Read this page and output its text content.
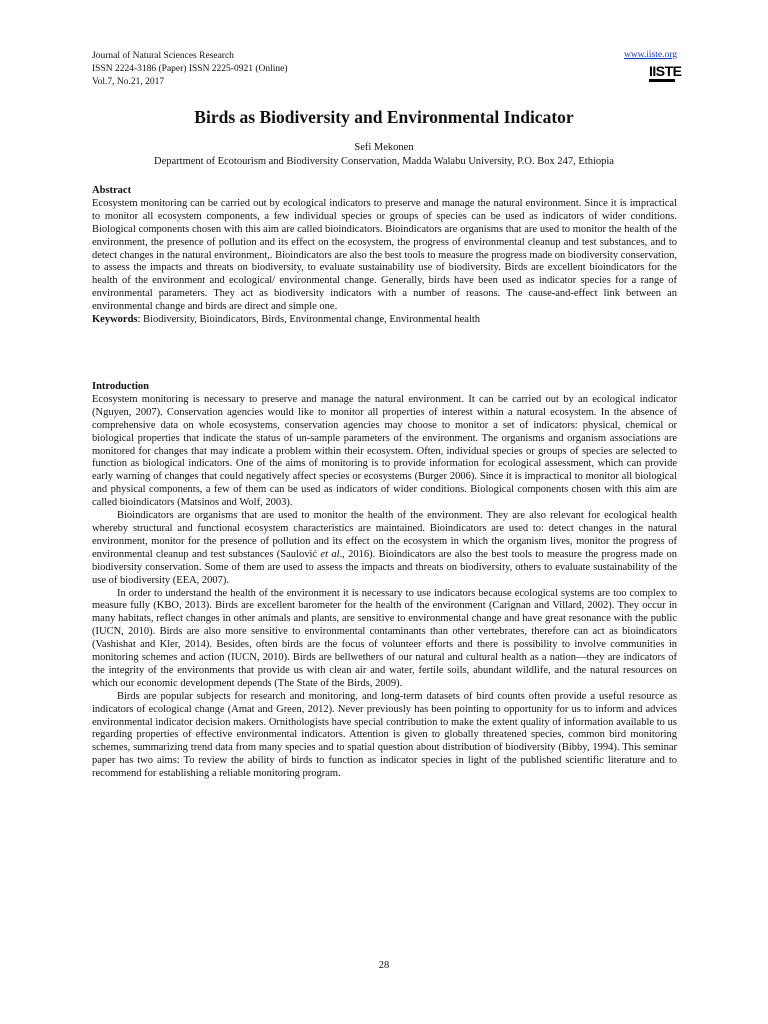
Journal of Natural Sciences Research
ISSN 2224-3186 (Paper) ISSN 2225-0921 (Online)
Vol.7, No.21, 2017
www.iiste.org
IISTE
Birds as Biodiversity and Environmental Indicator
Sefi Mekonen
Department of Ecotourism and Biodiversity Conservation, Madda Walabu University, P.O. Box 247, Ethiopia
Abstract

Ecosystem monitoring can be carried out by ecological indicators to preserve and manage the natural environment. Since it is impractical to monitor all ecosystem components, a few individual species or groups of species can be used as indicators of wider conditions. Biological components chosen with this aim are called bioindicators. Bioindicators are organisms that are used to monitor the health of the environment, the presence of pollution and its effect on the ecosystem, the progress of environmental cleanup and test substances, and to detect changes in the natural environment,. Bioindicators are also the best tools to measure the progress made on biodiversity conservation, to assess the impacts and threats on biodiversity, to evaluate sustainability use of biodiversity. Birds are excellent bioindicators for the health of the environment and ecological/ environmental change. Generally, birds have been used as indicator species for a range of environmental parameters. They act as biodiversity indicators with a number of reasons. The cause-and-effect link between an environmental change and birds are direct and simple one.

Keywords: Biodiversity, Bioindicators, Birds, Environmental change, Environmental health

Introduction

Ecosystem monitoring is necessary to preserve and manage the natural environment. It can be carried out by an ecological indicator (Nguyen, 2007). Conservation agencies would like to monitor all properties of interest within a natural ecosystem. In the absence of comprehensive data on whole ecosystems, conservation agencies may choose to monitor a set of indicators: physical, chemical or biological properties that indicate the status of un-sample parameters of the environment. The organisms and organism associations are monitored for changes that may indicate a problem within their ecosystem. Often, individual species or groups of species are selected to function as biological indicators. One of the aims of monitoring is to provide information for ecological assessment, which can provide early warning of changes that could negatively affect species or ecosystems (Burger 2006). Since it is impractical to monitor all biological and physical components, a few of them can be used as indicators of wider conditions. Biological components chosen with this aim are called bioindicators (Matsinos and Wolf, 2003).

Bioindicators are organisms that are used to monitor the health of the environment. They are also relevant for ecological health whereby structural and functional ecosystem characteristics are maintained. Bioindicators are used to: detect changes in the natural environment, monitor for the presence of pollution and its effect on the ecosystem in which the organism lives, monitor the progress of environmental cleanup and test substances (Saulović et al., 2016). Bioindicators are also the best tools to measure the progress made on biodiversity conservation. Some of them are used to assess the impacts and threats on biodiversity, others to evaluate sustainability of the use of biodiversity (EEA, 2007).

In order to understand the health of the environment it is necessary to use indicators because ecological systems are too complex to measure fully (KBO, 2013). Birds are excellent barometer for the health of the environment (Carignan and Villard, 2002). They occur in many habitats, reflect changes in other animals and plants, are sensitive to environmental change and have great resonance with the public (IUCN, 2010). Birds are also more sensitive to environmental contaminants than other vertebrates, therefore can act as bioindicators (Vashishat and Kler, 2014). Besides, often birds are the focus of volunteer efforts and there is possibility to involve communities in monitoring schemes and action (IUCN, 2010). Birds are bellwethers of our natural and cultural health as a nation—they are indicators of the integrity of the environments that provide us with clean air and water, fertile soils, abundant wildlife, and the natural resources on which our economic development depends (The State of the Birds, 2009).

Birds are popular subjects for research and monitoring, and long-term datasets of bird counts often provide a useful resource as indicators of ecological change (Amat and Green, 2012). Never previously has been pointing to opportunity for us to inform and advices environmental indicator decision makers. Ornithologists have special contribution to make the extent quality of information available to us regarding properties of effective environmental indicators. Attention is given to globally threatened species, common bird monitoring schemes, summarizing trend data from many species and to spatial question about distribution of biodiversity (Bibby, 1994). This seminar paper has two aims: To review the ability of birds to function as indicator species in light of the published scientific literature and to recommend for establishing a reliable monitoring program.

28
